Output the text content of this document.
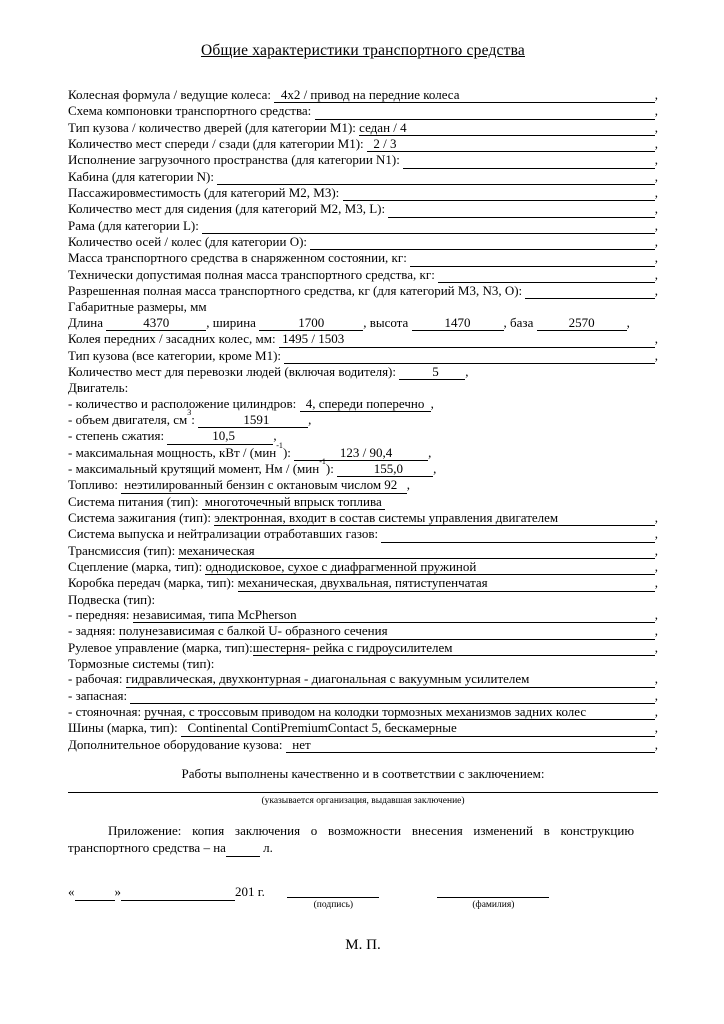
Общие характеристики транспортного средства
Колесная формула / ведущие колеса: 4х2 / привод на передние колеса	,
Схема компоновки транспортного средства:
	,
Тип кузова / количество дверей (для категории M1): седан / 4	,
Количество мест спереди / сзади (для категории M1): 2 / 3	,
Исполнение загрузочного пространства (для категории N1):
	,
Кабина (для категории N):
	,
Пассажировместимость (для категорий M2, M3):
	,
Количество мест для сидения (для категорий M2, M3, L):
	,
Рама (для категории L):
	,
Количество осей / колес (для категории O):
	,
Масса транспортного средства в снаряженном состоянии, кг:
	,
Технически допустимая полная масса транспортного средства, кг:
	,
Разрешенная полная масса транспортного средства, кг (для категорий M3, N3, O):
	,
Габаритные размеры, мм
Длина	4370	, ширина	1700	, высота	1470	, база	2570	,
Колея передних / засадних колес, мм: 1495 / 1503	,
Тип кузова (все категории, кроме M1):
	,
Количество мест для перевозки людей (включая водителя):	5	,
Двигатель:
- количество и расположение цилиндров: 4, спереди поперечно ,
- объем двигателя, $см^3$:	1591	,
- степень сжатия:	10,5	,
- максимальная мощность, кВт / (мин$^{-1}$):	123 / 90,4	,
- максимальный крутящий момент, Нм / (мин$^{-1}$):	155,0	,
Топливо: неэтилированный бензин с октановым числом 92 ,
Система питания (тип): многоточечный впрыск топлива
Система зажигания (тип): электронная, входит в состав системы управления двигателем	,
Система выпуска и нейтрализации отработавших газов:
	,
Трансмиссия (тип): механическая	,
Сцепление (марка, тип): однодисковое, сухое с диафрагменной пружиной	,
Коробка передач (марка, тип): механическая, двухвальная, пятиступенчатая	,
Подвеска (тип):
- передняя: независимая, типа McPherson	,
- задняя: полунезависимая с балкой U- образного сечения	,
Рулевое управление (марка, тип): шестерня- рейка с гидроусилителем	,
Тормозные системы (тип):
- рабочая: гидравлическая, двухконтурная - диагональная с вакуумным усилителем	,
- запасная:
	,
- стояночная: ручная, с троссовым приводом на колодки тормозных механизмов задних колес	,
Шины (марка, тип): Continental ContiPremiumContact 5, бескамерные	,
Дополнительное оборудование кузова: нет	,

Работы выполнены качественно и в соответствии с заключением:

(указывается организация, выдавшая заключение)

Приложение: копия заключения о возможности внесения изменений в конструкцию

транспортного средства – на	л.

«
	»
	201 г.
(подпись)	(фамилия)

М. П.
